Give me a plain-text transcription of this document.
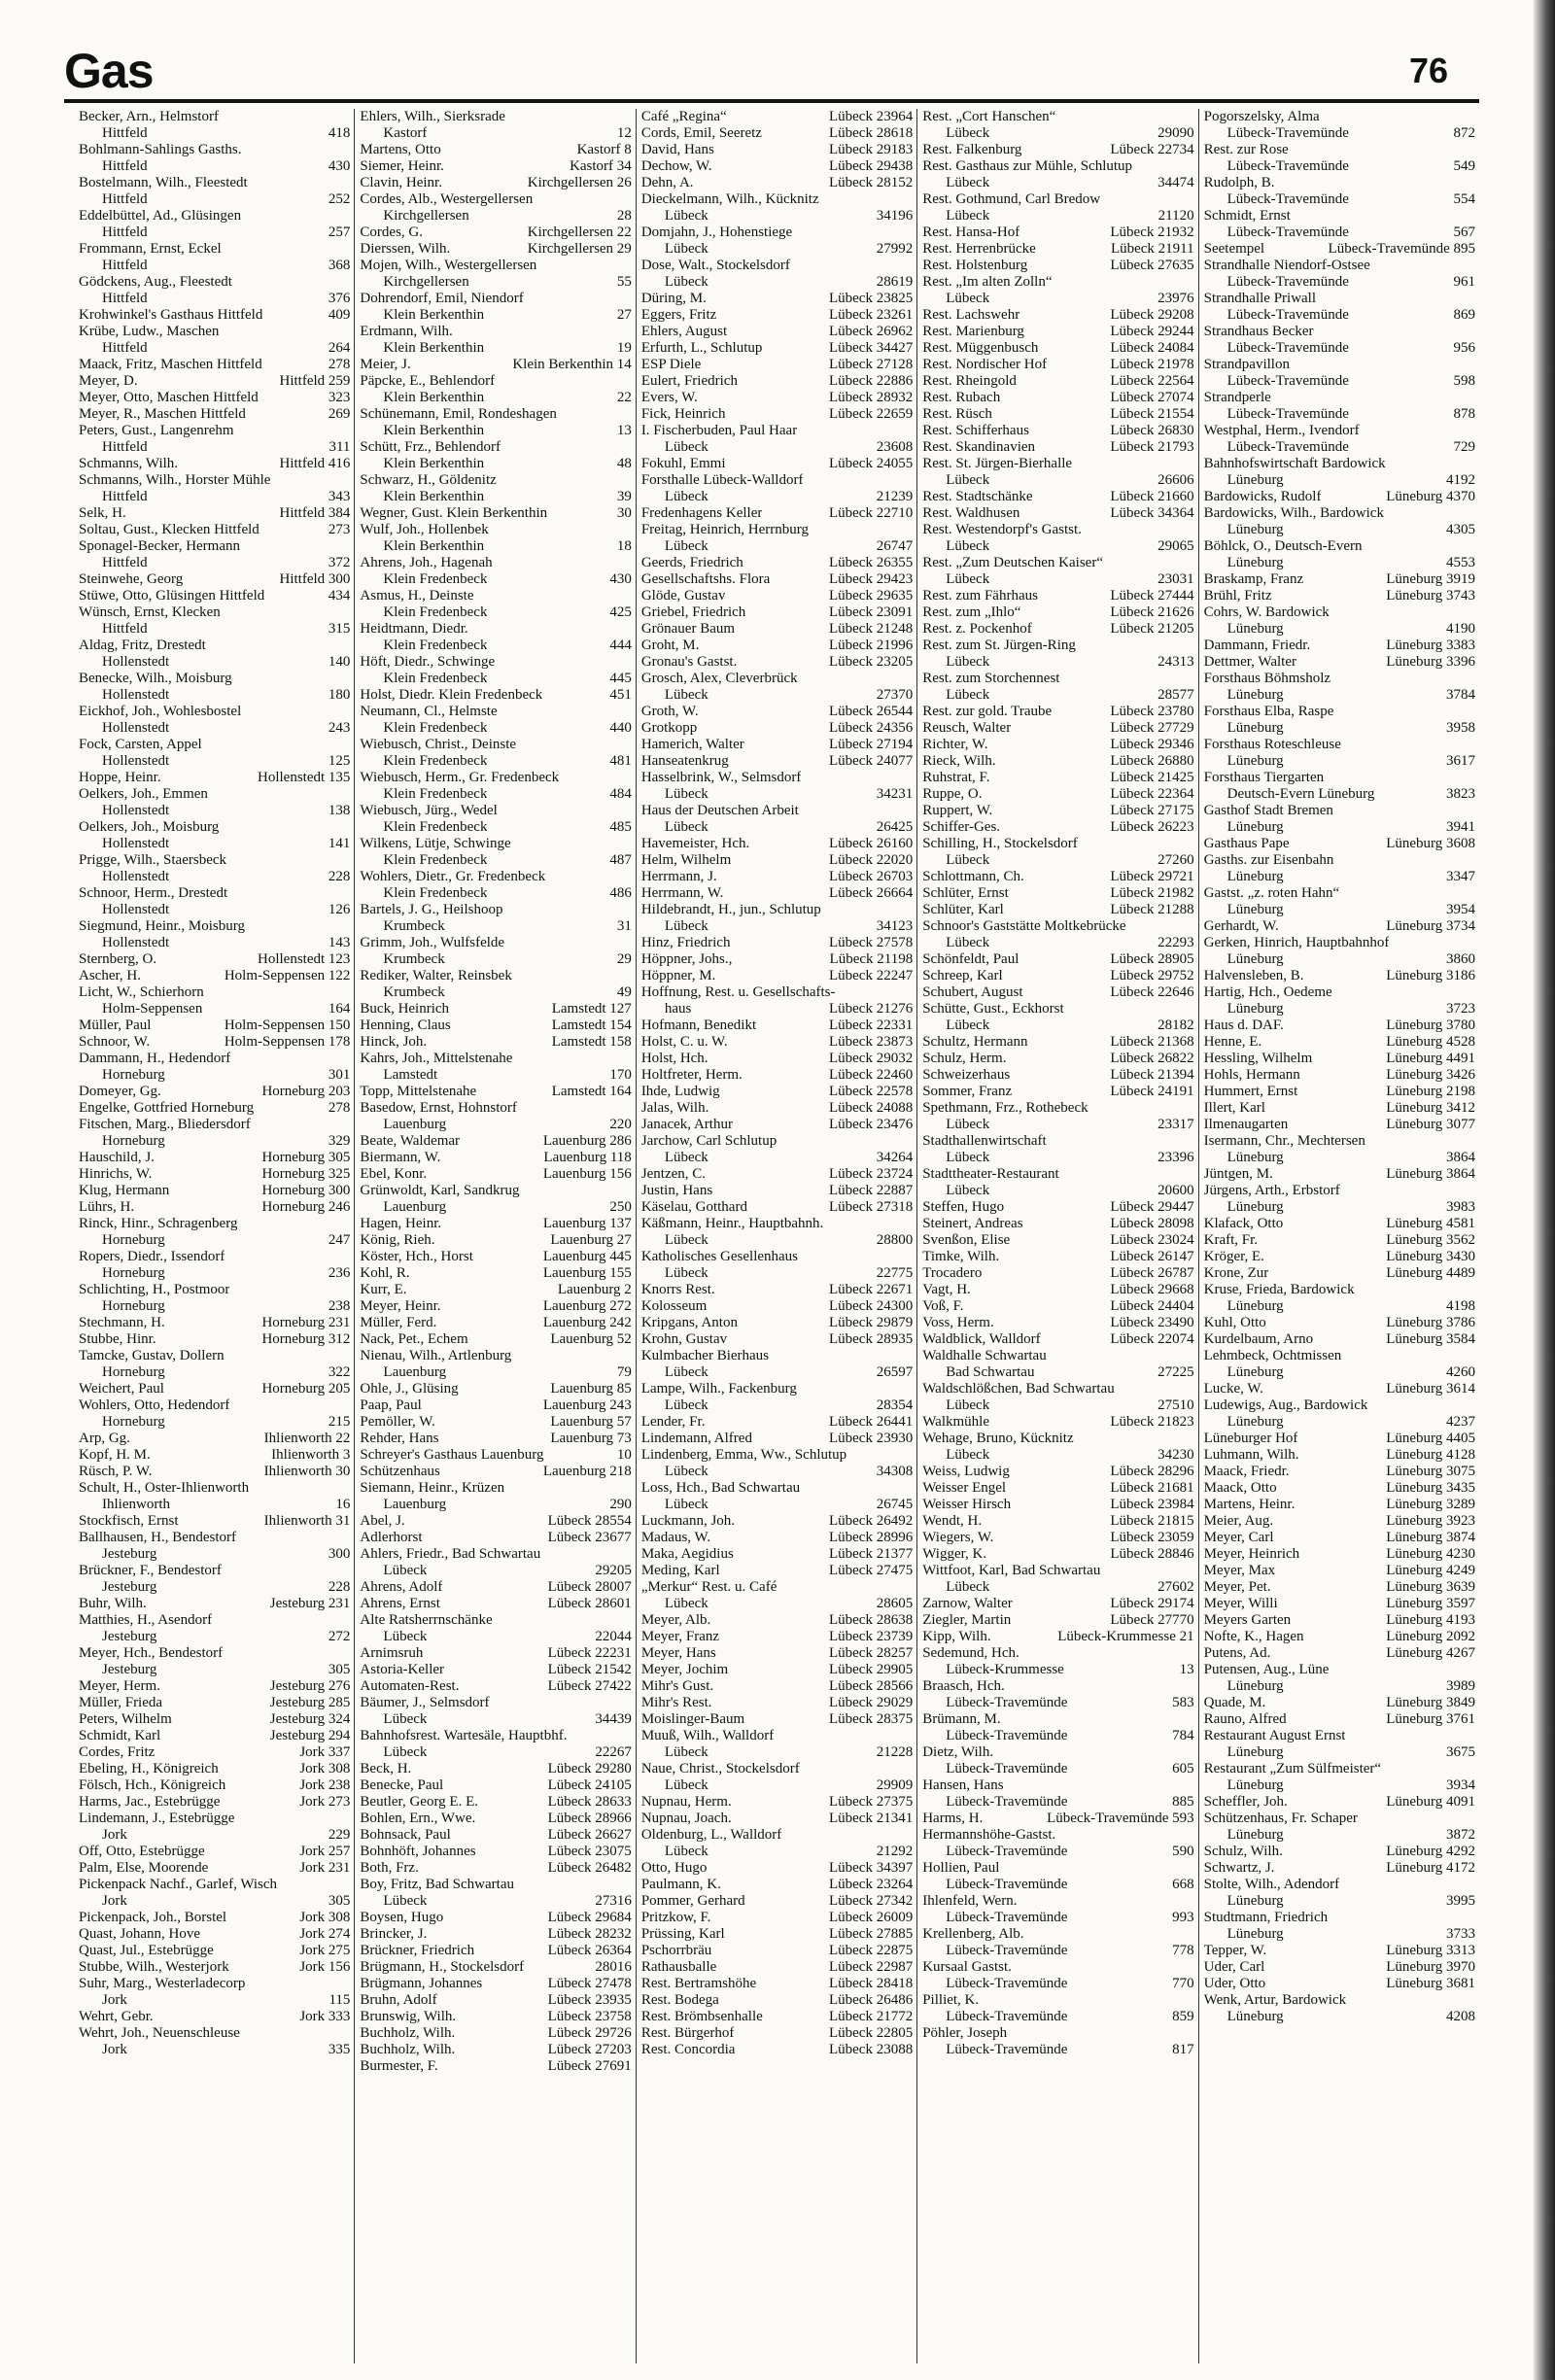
Gas	76
Becker, Arn., Helmstorf
Hittfeld	418
Bohlmann-Sahlings Gasths.
Hittfeld	430
Bostelmann, Wilh., Fleestedt
Hittfeld	252
Eddelbüttel, Ad., Glüsingen
Hittfeld	257
Frommann, Ernst, Eckel
Hittfeld	368
Gödckens, Aug., Fleestedt
Hittfeld	376
Krohwinkel's Gasthaus Hittfeld	409
Krübe, Ludw., Maschen
Hittfeld	264
Maack, Fritz, Maschen Hittfeld	278
Meyer, D.	Hittfeld 259
Meyer, Otto, Maschen Hittfeld	323
Meyer, R., Maschen Hittfeld	269
Peters, Gust., Langenrehm
Hittfeld	311
Schmanns, Wilh.	Hittfeld 416
Schmanns, Wilh., Horster Mühle
Hittfeld	343
Selk, H.	Hittfeld 384
Soltau, Gust., Klecken Hittfeld	273
Sponagel-Becker, Hermann
Hittfeld	372
Steinwehe, Georg	Hittfeld 300
Stüwe, Otto, Glüsingen Hittfeld	434
Wünsch, Ernst, Klecken
Hittfeld	315
Aldag, Fritz, Drestedt
Hollenstedt	140
Benecke, Wilh., Moisburg
Hollenstedt	180
Eickhof, Joh., Wohlesbostel
Hollenstedt	243
Fock, Carsten, Appel
Hollenstedt	125
Hoppe, Heinr.	Hollenstedt 135
Oelkers, Joh., Emmen
Hollenstedt	138
Oelkers, Joh., Moisburg
Hollenstedt	141
Prigge, Wilh., Staersbeck
Hollenstedt	228
Schnoor, Herm., Drestedt
Hollenstedt	126
Siegmund, Heinr., Moisburg
Hollenstedt	143
Sternberg, O.	Hollenstedt 123
Ascher, H.	Holm-Seppensen 122
Licht, W., Schierhorn
Holm-Seppensen	164
Müller, Paul	Holm-Seppensen 150
Schnoor, W.	Holm-Seppensen 178
Dammann, H., Hedendorf
Horneburg	301
Domeyer, Gg.	Horneburg 203
Engelke, Gottfried Horneburg	278
Fitschen, Marg., Bliedersdorf
Horneburg	329
Hauschild, J.	Horneburg 305
Hinrichs, W.	Horneburg 325
Klug, Hermann	Horneburg 300
Lührs, H.	Horneburg 246
Rinck, Hinr., Schragenberg
Horneburg	247
Ropers, Diedr., Issendorf
Horneburg	236
Schlichting, H., Postmoor
Horneburg	238
Stechmann, H.	Horneburg 231
Stubbe, Hinr.	Horneburg 312
Tamcke, Gustav, Dollern
Horneburg	322
Weichert, Paul	Horneburg 205
Wohlers, Otto, Hedendorf
Horneburg	215
Arp, Gg.	Ihlienworth 22
Kopf, H. M.	Ihlienworth 3
Rüsch, P. W.	Ihlienworth 30
Schult, H., Oster-Ihlienworth
Ihlienworth	16
Stockfisch, Ernst	Ihlienworth 31
Ballhausen, H., Bendestorf
Jesteburg	300
Brückner, F., Bendestorf
Jesteburg	228
Buhr, Wilh.	Jesteburg 231
Matthies, H., Asendorf
Jesteburg	272
Meyer, Hch., Bendestorf
Jesteburg	305
Meyer, Herm.	Jesteburg 276
Müller, Frieda	Jesteburg 285
Peters, Wilhelm	Jesteburg 324
Schmidt, Karl	Jesteburg 294
Cordes, Fritz	Jork 337
Ebeling, H., Königreich	Jork 308
Fölsch, Hch., Königreich	Jork 238
Harms, Jac., Estebrügge	Jork 273
Lindemann, J., Estebrügge
Jork	229
Off, Otto, Estebrügge	Jork 257
Palm, Else, Moorende	Jork 231
Pickenpack Nachf., Garlef, Wisch
Jork	305
Pickenpack, Joh., Borstel	Jork 308
Quast, Johann, Hove	Jork 274
Quast, Jul., Estebrügge	Jork 275
Stubbe, Wilh., Westerjork	Jork 156
Suhr, Marg., Westerladecorp
Jork	115
Wehrt, Gebr.	Jork 333
Wehrt, Joh., Neuenschleuse
Jork	335
Ehlers, Wilh., Sierksrade
Kastorf	12
Martens, Otto	Kastorf 8
Siemer, Heinr.	Kastorf 34
Clavin, Heinr.	Kirchgellersen 26
Cordes, Alb., Westergellersen
Kirchgellersen	28
Cordes, G.	Kirchgellersen 22
Dierssen, Wilh.	Kirchgellersen 29
Mojen, Wilh., Westergellersen
Kirchgellersen	55
Dohrendorf, Emil, Niendorf
Klein Berkenthin	27
Erdmann, Wilh.
Klein Berkenthin	19
Meier, J.	Klein Berkenthin 14
Päpcke, E., Behlendorf
Klein Berkenthin	22
Schünemann, Emil, Rondeshagen
Klein Berkenthin	13
Schütt, Frz., Behlendorf
Klein Berkenthin	48
Schwarz, H., Göldenitz
Klein Berkenthin	39
Wegner, Gust. Klein Berkenthin	30
Wulf, Joh., Hollenbek
Klein Berkenthin	18
Ahrens, Joh., Hagenah
Klein Fredenbeck	430
Asmus, H., Deinste
Klein Fredenbeck	425
Heidtmann, Diedr.
Klein Fredenbeck	444
Höft, Diedr., Schwinge
Klein Fredenbeck	445
Holst, Diedr. Klein Fredenbeck	451
Neumann, Cl., Helmste
Klein Fredenbeck	440
Wiebusch, Christ., Deinste
Klein Fredenbeck	481
Wiebusch, Herm., Gr. Fredenbeck
Klein Fredenbeck	484
Wiebusch, Jürg., Wedel
Klein Fredenbeck	485
Wilkens, Lütje, Schwinge
Klein Fredenbeck	487
Wohlers, Dietr., Gr. Fredenbeck
Klein Fredenbeck	486
Bartels, J. G., Heilshoop
Krumbeck	31
Grimm, Joh., Wulfsfelde
Krumbeck	29
Rediker, Walter, Reinsbek
Krumbeck	49
Buck, Heinrich	Lamstedt 127
Henning, Claus	Lamstedt 154
Hinck, Joh.	Lamstedt 158
Kahrs, Joh., Mittelstenahe
Lamstedt	170
Topp, Mittelstenahe	Lamstedt 164
Basedow, Ernst, Hohnstorf
Lauenburg	220
Beate, Waldemar	Lauenburg 286
Biermann, W.	Lauenburg 118
Ebel, Konr.	Lauenburg 156
Grünwoldt, Karl, Sandkrug
Lauenburg	250
Hagen, Heinr.	Lauenburg 137
König, Rieh.	Lauenburg 27
Köster, Hch., Horst	Lauenburg 445
Kohl, R.	Lauenburg 155
Kurr, E.	Lauenburg 2
Meyer, Heinr.	Lauenburg 272
Müller, Ferd.	Lauenburg 242
Nack, Pet., Echem	Lauenburg 52
Nienau, Wilh., Artlenburg
Lauenburg	79
Ohle, J., Glüsing	Lauenburg 85
Paap, Paul	Lauenburg 243
Pemöller, W.	Lauenburg 57
Rehder, Hans	Lauenburg 73
Schreyer's Gasthaus Lauenburg	10
Schützenhaus	Lauenburg 218
Siemann, Heinr., Krüzen
Lauenburg	290
Abel, J.	Lübeck 28554
Adlerhorst	Lübeck 23677
Ahlers, Friedr., Bad Schwartau
Lübeck	29205
Ahrens, Adolf	Lübeck 28007
Ahrens, Ernst	Lübeck 28601
Alte Ratsherrnschänke
Lübeck	22044
Arnimsruh	Lübeck 22231
Astoria-Keller	Lübeck 21542
Automaten-Rest.	Lübeck 27422
Bäumer, J., Selmsdorf
Lübeck	34439
Bahnhofsrest. Wartesäle, Hauptbhf.
Lübeck	22267
Beck, H.	Lübeck 29280
Benecke, Paul	Lübeck 24105
Beutler, Georg E. E.	Lübeck 28633
Bohlen, Ern., Wwe.	Lübeck 28966
Bohnsack, Paul	Lübeck 26627
Bohnhöft, Johannes	Lübeck 23075
Both, Frz.	Lübeck 26482
Boy, Fritz, Bad Schwartau
Lübeck	27316
Boysen, Hugo	Lübeck 29684
Brincker, J.	Lübeck 28232
Brückner, Friedrich	Lübeck 26364
Brügmann, H., Stockelsdorf	28016
Brügmann, Johannes	Lübeck 27478
Bruhn, Adolf	Lübeck 23935
Brunswig, Wilh.	Lübeck 23758
Buchholz, Wilh.	Lübeck 29726
Buchholz, Wilh.	Lübeck 27203
Burmester, F.	Lübeck 27691
Café „Regina“	Lübeck 23964
Cords, Emil, Seeretz	Lübeck 28618
David, Hans	Lübeck 29183
Dechow, W.	Lübeck 29438
Dehn, A.	Lübeck 28152
Dieckelmann, Wilh., Kücknitz
Lübeck	34196
Domjahn, J., Hohenstiege
Lübeck	27992
Dose, Walt., Stockelsdorf
Lübeck	28619
Düring, M.	Lübeck 23825
Eggers, Fritz	Lübeck 23261
Ehlers, August	Lübeck 26962
Erfurth, L., Schlutup	Lübeck 34427
ESP Diele	Lübeck 27128
Eulert, Friedrich	Lübeck 22886
Evers, W.	Lübeck 28932
Fick, Heinrich	Lübeck 22659
I. Fischerbuden, Paul Haar
Lübeck	23608
Fokuhl, Emmi	Lübeck 24055
Forsthalle Lübeck-Walldorf
Lübeck	21239
Fredenhagens Keller	Lübeck 22710
Freitag, Heinrich, Herrnburg
Lübeck	26747
Geerds, Friedrich	Lübeck 26355
Gesellschaftshs. Flora	Lübeck 29423
Glöde, Gustav	Lübeck 29635
Griebel, Friedrich	Lübeck 23091
Grönauer Baum	Lübeck 21248
Groht, M.	Lübeck 21996
Gronau's Gastst.	Lübeck 23205
Grosch, Alex, Cleverbrück
Lübeck	27370
Groth, W.	Lübeck 26544
Grotkopp	Lübeck 24356
Hamerich, Walter	Lübeck 27194
Hanseatenkrug	Lübeck 24077
Hasselbrink, W., Selmsdorf
Lübeck	34231
Haus der Deutschen Arbeit
Lübeck	26425
Havemeister, Hch.	Lübeck 26160
Helm, Wilhelm	Lübeck 22020
Herrmann, J.	Lübeck 26703
Herrmann, W.	Lübeck 26664
Hildebrandt, H., jun., Schlutup
Lübeck	34123
Hinz, Friedrich	Lübeck 27578
Höppner, Johs.,	Lübeck 21198
Höppner, M.	Lübeck 22247
Hoffnung, Rest. u. Gesellschafts-
haus	Lübeck 21276
Hofmann, Benedikt	Lübeck 22331
Holst, C. u. W.	Lübeck 23873
Holst, Hch.	Lübeck 29032
Holtfreter, Herm.	Lübeck 22460
Ihde, Ludwig	Lübeck 22578
Jalas, Wilh.	Lübeck 24088
Janacek, Arthur	Lübeck 23476
Jarchow, Carl Schlutup
Lübeck	34264
Jentzen, C.	Lübeck 23724
Justin, Hans	Lübeck 22887
Käselau, Gotthard	Lübeck 27318
Käßmann, Heinr., Hauptbahnh.
Lübeck	28800
Katholisches Gesellenhaus
Lübeck	22775
Knorrs Rest.	Lübeck 22671
Kolosseum	Lübeck 24300
Kripgans, Anton	Lübeck 29879
Krohn, Gustav	Lübeck 28935
Kulmbacher Bierhaus
Lübeck	26597
Lampe, Wilh., Fackenburg
Lübeck	28354
Lender, Fr.	Lübeck 26441
Lindemann, Alfred	Lübeck 23930
Lindenberg, Emma, Ww., Schlutup
Lübeck	34308
Loss, Hch., Bad Schwartau
Lübeck	26745
Luckmann, Joh.	Lübeck 26492
Madaus, W.	Lübeck 28996
Maka, Aegidius	Lübeck 21377
Meding, Karl	Lübeck 27475
„Merkur“ Rest. u. Café
Lübeck	28605
Meyer, Alb.	Lübeck 28638
Meyer, Franz	Lübeck 23739
Meyer, Hans	Lübeck 28257
Meyer, Jochim	Lübeck 29905
Mihr's Gust.	Lübeck 28566
Mihr's Rest.	Lübeck 29029
Moislinger-Baum	Lübeck 28375
Muuß, Wilh., Walldorf
Lübeck	21228
Naue, Christ., Stockelsdorf
Lübeck	29909
Nupnau, Herm.	Lübeck 27375
Nupnau, Joach.	Lübeck 21341
Oldenburg, L., Walldorf
Lübeck	21292
Otto, Hugo	Lübeck 34397
Paulmann, K.	Lübeck 23264
Pommer, Gerhard	Lübeck 27342
Pritzkow, F.	Lübeck 26009
Prüssing, Karl	Lübeck 27885
Pschorrbräu	Lübeck 22875
Rathausballe	Lübeck 22987
Rest. Bertramshöhe	Lübeck 28418
Rest. Bodega	Lübeck 26486
Rest. Brömbsenhalle	Lübeck 21772
Rest. Bürgerhof	Lübeck 22805
Rest. Concordia	Lübeck 23088
Rest. „Cort Hanschen“
Lübeck	29090
Rest. Falkenburg	Lübeck 22734
Rest. Gasthaus zur Mühle, Schlutup
Lübeck	34474
Rest. Gothmund, Carl Bredow
Lübeck	21120
Rest. Hansa-Hof	Lübeck 21932
Rest. Herrenbrücke	Lübeck 21911
Rest. Holstenburg	Lübeck 27635
Rest. „Im alten Zolln“
Lübeck	23976
Rest. Lachswehr	Lübeck 29208
Rest. Marienburg	Lübeck 29244
Rest. Müggenbusch	Lübeck 24084
Rest. Nordischer Hof	Lübeck 21978
Rest. Rheingold	Lübeck 22564
Rest. Rubach	Lübeck 27074
Rest. Rüsch	Lübeck 21554
Rest. Schifferhaus	Lübeck 26830
Rest. Skandinavien	Lübeck 21793
Rest. St. Jürgen-Bierhalle
Lübeck	26606
Rest. Stadtschänke	Lübeck 21660
Rest. Waldhusen	Lübeck 34364
Rest. Westendorpf's Gastst.
Lübeck	29065
Rest. „Zum Deutschen Kaiser“
Lübeck	23031
Rest. zum Fährhaus	Lübeck 27444
Rest. zum „Ihlo“	Lübeck 21626
Rest. z. Pockenhof	Lübeck 21205
Rest. zum St. Jürgen-Ring
Lübeck	24313
Rest. zum Storchennest
Lübeck	28577
Rest. zur gold. Traube	Lübeck 23780
Reusch, Walter	Lübeck 27729
Richter, W.	Lübeck 29346
Rieck, Wilh.	Lübeck 26880
Ruhstrat, F.	Lübeck 21425
Ruppe, O.	Lübeck 22364
Ruppert, W.	Lübeck 27175
Schiffer-Ges.	Lübeck 26223
Schilling, H., Stockelsdorf
Lübeck	27260
Schlottmann, Ch.	Lübeck 29721
Schlüter, Ernst	Lübeck 21982
Schlüter, Karl	Lübeck 21288
Schnoor's Gaststätte Moltkebrücke
Lübeck	22293
Schönfeldt, Paul	Lübeck 28905
Schreep, Karl	Lübeck 29752
Schubert, August	Lübeck 22646
Schütte, Gust., Eckhorst
Lübeck	28182
Schultz, Hermann	Lübeck 21368
Schulz, Herm.	Lübeck 26822
Schweizerhaus	Lübeck 21394
Sommer, Franz	Lübeck 24191
Spethmann, Frz., Rothebeck
Lübeck	23317
Stadthallenwirtschaft
Lübeck	23396
Stadttheater-Restaurant
Lübeck	20600
Steffen, Hugo	Lübeck 29447
Steinert, Andreas	Lübeck 28098
Svenßon, Elise	Lübeck 23024
Timke, Wilh.	Lübeck 26147
Trocadero	Lübeck 26787
Vagt, H.	Lübeck 29668
Voß, F.	Lübeck 24404
Voss, Herm.	Lübeck 23490
Waldblick, Walldorf	Lübeck 22074
Waldhalle Schwartau
Bad Schwartau	27225
Waldschlößchen, Bad Schwartau
Lübeck	27510
Walkmühle	Lübeck 21823
Wehage, Bruno, Kücknitz
Lübeck	34230
Weiss, Ludwig	Lübeck 28296
Weisser Engel	Lübeck 21681
Weisser Hirsch	Lübeck 23984
Wendt, H.	Lübeck 21815
Wiegers, W.	Lübeck 23059
Wigger, K.	Lübeck 28846
Wittfoot, Karl, Bad Schwartau
Lübeck	27602
Zarnow, Walter	Lübeck 29174
Ziegler, Martin	Lübeck 27770
Kipp, Wilh.	Lübeck-Krummesse 21
Sedemund, Hch.
Lübeck-Krummesse	13
Braasch, Hch.
Lübeck-Travemünde	583
Brümann, M.
Lübeck-Travemünde	784
Dietz, Wilh.
Lübeck-Travemünde	605
Hansen, Hans
Lübeck-Travemünde	885
Harms, H.	Lübeck-Travemünde 593
Hermannshöhe-Gastst.
Lübeck-Travemünde	590
Hollien, Paul
Lübeck-Travemünde	668
Ihlenfeld, Wern.
Lübeck-Travemünde	993
Krellenberg, Alb.
Lübeck-Travemünde	778
Kursaal Gastst.
Lübeck-Travemünde	770
Pilliet, K.
Lübeck-Travemünde	859
Pöhler, Joseph
Lübeck-Travemünde	817
Pogorszelsky, Alma
Lübeck-Travemünde	872
Rest. zur Rose
Lübeck-Travemünde	549
Rudolph, B.
Lübeck-Travemünde	554
Schmidt, Ernst
Lübeck-Travemünde	567
Seetempel	Lübeck-Travemünde 895
Strandhalle Niendorf-Ostsee
Lübeck-Travemünde	961
Strandhalle Priwall
Lübeck-Travemünde	869
Strandhaus Becker
Lübeck-Travemünde	956
Strandpavillon
Lübeck-Travemünde	598
Strandperle
Lübeck-Travemünde	878
Westphal, Herm., Ivendorf
Lübeck-Travemünde	729
Bahnhofswirtschaft Bardowick
Lüneburg	4192
Bardowicks, Rudolf	Lüneburg 4370
Bardowicks, Wilh., Bardowick
Lüneburg	4305
Böhlck, O., Deutsch-Evern
Lüneburg	4553
Braskamp, Franz	Lüneburg 3919
Brühl, Fritz	Lüneburg 3743
Cohrs, W. Bardowick
Lüneburg	4190
Dammann, Friedr.	Lüneburg 3383
Dettmer, Walter	Lüneburg 3396
Forsthaus Böhmsholz
Lüneburg	3784
Forsthaus Elba, Raspe
Lüneburg	3958
Forsthaus Roteschleuse
Lüneburg	3617
Forsthaus Tiergarten
Deutsch-Evern Lüneburg	3823
Gasthof Stadt Bremen
Lüneburg	3941
Gasthaus Pape	Lüneburg 3608
Gasths. zur Eisenbahn
Lüneburg	3347
Gastst. „z. roten Hahn“
Lüneburg	3954
Gerhardt, W.	Lüneburg 3734
Gerken, Hinrich, Hauptbahnhof
Lüneburg	3860
Halvensleben, B.	Lüneburg 3186
Hartig, Hch., Oedeme
Lüneburg	3723
Haus d. DAF.	Lüneburg 3780
Henne, E.	Lüneburg 4528
Hessling, Wilhelm	Lüneburg 4491
Hohls, Hermann	Lüneburg 3426
Hummert, Ernst	Lüneburg 2198
Illert, Karl	Lüneburg 3412
Ilmenaugarten	Lüneburg 3077
Isermann, Chr., Mechtersen
Lüneburg	3864
Jüntgen, M.	Lüneburg 3864
Jürgens, Arth., Erbstorf
Lüneburg	3983
Klafack, Otto	Lüneburg 4581
Kraft, Fr.	Lüneburg 3562
Kröger, E.	Lüneburg 3430
Krone, Zur	Lüneburg 4489
Kruse, Frieda, Bardowick
Lüneburg	4198
Kuhl, Otto	Lüneburg 3786
Kurdelbaum, Arno	Lüneburg 3584
Lehmbeck, Ochtmissen
Lüneburg	4260
Lucke, W.	Lüneburg 3614
Ludewigs, Aug., Bardowick
Lüneburg	4237
Lüneburger Hof	Lüneburg 4405
Luhmann, Wilh.	Lüneburg 4128
Maack, Friedr.	Lüneburg 3075
Maack, Otto	Lüneburg 3435
Martens, Heinr.	Lüneburg 3289
Meier, Aug.	Lüneburg 3923
Meyer, Carl	Lüneburg 3874
Meyer, Heinrich	Lüneburg 4230
Meyer, Max	Lüneburg 4249
Meyer, Pet.	Lüneburg 3639
Meyer, Willi	Lüneburg 3597
Meyers Garten	Lüneburg 4193
Nofte, K., Hagen	Lüneburg 2092
Putens, Ad.	Lüneburg 4267
Putensen, Aug., Lüne
Lüneburg	3989
Quade, M.	Lüneburg 3849
Rauno, Alfred	Lüneburg 3761
Restaurant August Ernst
Lüneburg	3675
Restaurant „Zum Sülfmeister“
Lüneburg	3934
Scheffler, Joh.	Lüneburg 4091
Schützenhaus, Fr. Schaper
Lüneburg	3872
Schulz, Wilh.	Lüneburg 4292
Schwartz, J.	Lüneburg 4172
Stolte, Wilh., Adendorf
Lüneburg	3995
Studtmann, Friedrich
Lüneburg	3733
Tepper, W.	Lüneburg 3313
Uder, Carl	Lüneburg 3970
Uder, Otto	Lüneburg 3681
Wenk, Artur, Bardowick
Lüneburg	4208
